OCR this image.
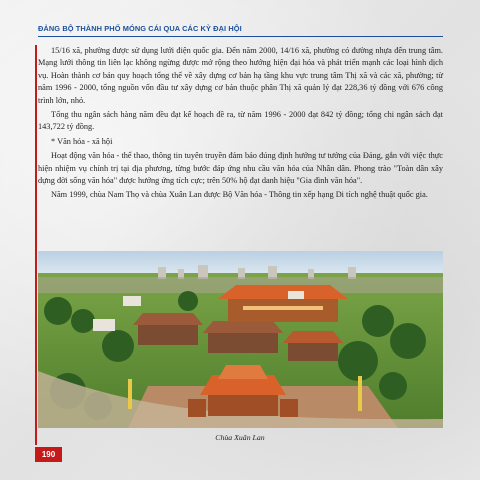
ĐẢNG BỘ THÀNH PHỐ MÓNG CÁI QUA CÁC KỲ ĐẠI HỘI

15/16 xã, phường được sử dụng lưới điện quốc gia. Đến năm 2000, 14/16 xã, phường có đường nhựa đến trung tâm. Mạng lưới thông tin liên lạc không ngừng được mở rộng theo hướng hiện đại hóa và phát triển mạnh các loại hình dịch vụ. Hoàn thành cơ bản quy hoạch tổng thể về xây dựng cơ bản hạ tầng khu vực trung tâm Thị xã và các xã, phường; từ năm 1996 - 2000, tổng nguồn vốn đầu tư xây dựng cơ bản thuộc phân Thị xã quản lý đạt 228,36 tỷ đồng với 676 công trình lớn, nhỏ.

Tổng thu ngân sách hàng năm đều đạt kế hoạch đề ra, từ năm 1996 - 2000 đạt 842 tỷ đồng; tổng chi ngân sách đạt 143,722 tỷ đồng.

* Văn hóa - xã hội

Hoạt động văn hóa - thể thao, thông tin tuyên truyền đảm bảo đúng định hướng tư tưởng của Đảng, gắn với việc thực hiện nhiệm vụ chính trị tại địa phương, từng bước đáp ứng nhu cầu văn hóa của Nhân dân. Phong trào "Toàn dân xây dựng đời sống văn hóa" được hưởng ứng tích cực; trên 50% hộ đạt danh hiệu "Gia đình văn hóa".

Năm 1999, chùa Nam Thọ và chùa Xuân Lan được Bộ Văn hóa - Thông tin xếp hạng Di tích nghệ thuật quốc gia.

Chùa Xuân Lan
190
